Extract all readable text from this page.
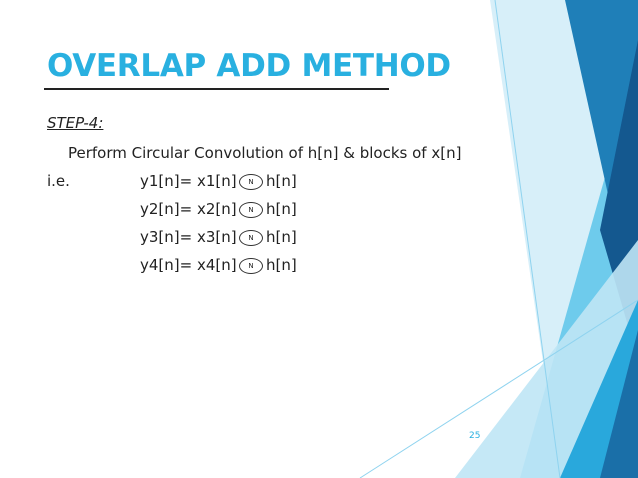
OVERLAP ADD METHOD

STEP-4:

Perform Circular Convolution of h[n] & blocks of x[n]

i.e.	y1[n]= x1[n]	N h[n]
y2[n]= x2[n]	N h[n]
y3[n]= x3[n]	N h[n]
y4[n]= x4[n]	N h[n]
25
